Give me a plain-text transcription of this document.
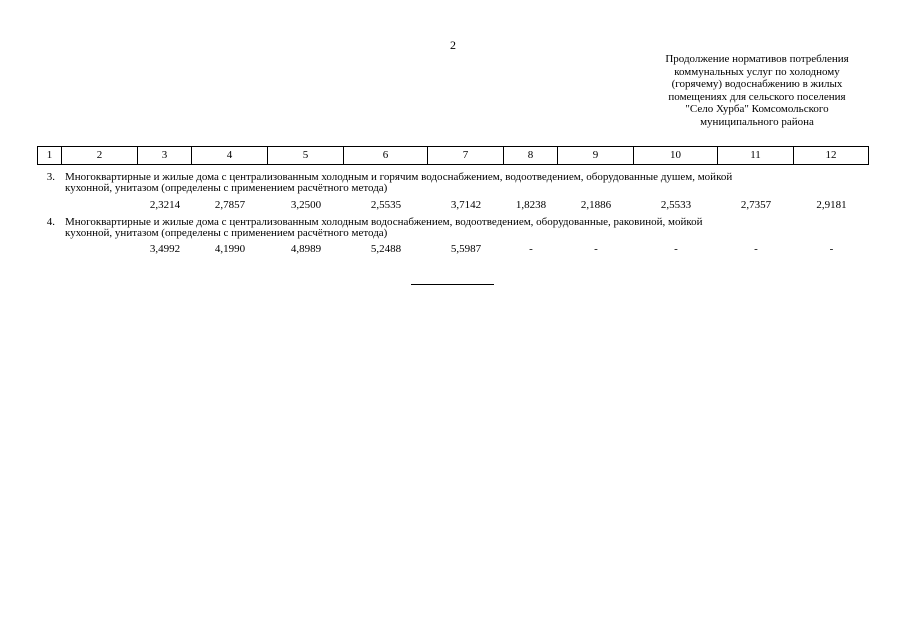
2
Продолжение нормативов потребления
коммунальных услуг по холодному
(горячему) водоснабжению в жилых
помещениях для сельского поселения
"Село Хурба" Комсомольского
муниципального района
1	2	3	4	5	6	7	8	9	10	11	12
3. Многоквартирные и жилые дома с централизованным холодным и горячим водоснабжением, водоотведением, оборудованные душем, мойкой
кухонной, унитазом (определены с применением расчётного метода)
2,3214	2,7857	3,2500	2,5535	3,7142	1,8238	2,1886	2,5533	2,7357	2,9181
4. Многоквартирные и жилые дома с централизованным холодным водоснабжением, водоотведением, оборудованные, раковиной, мойкой
кухонной, унитазом (определены с применением расчётного метода)
3,4992	4,1990	4,8989	5,2488	5,5987	-	-	-	-	-
